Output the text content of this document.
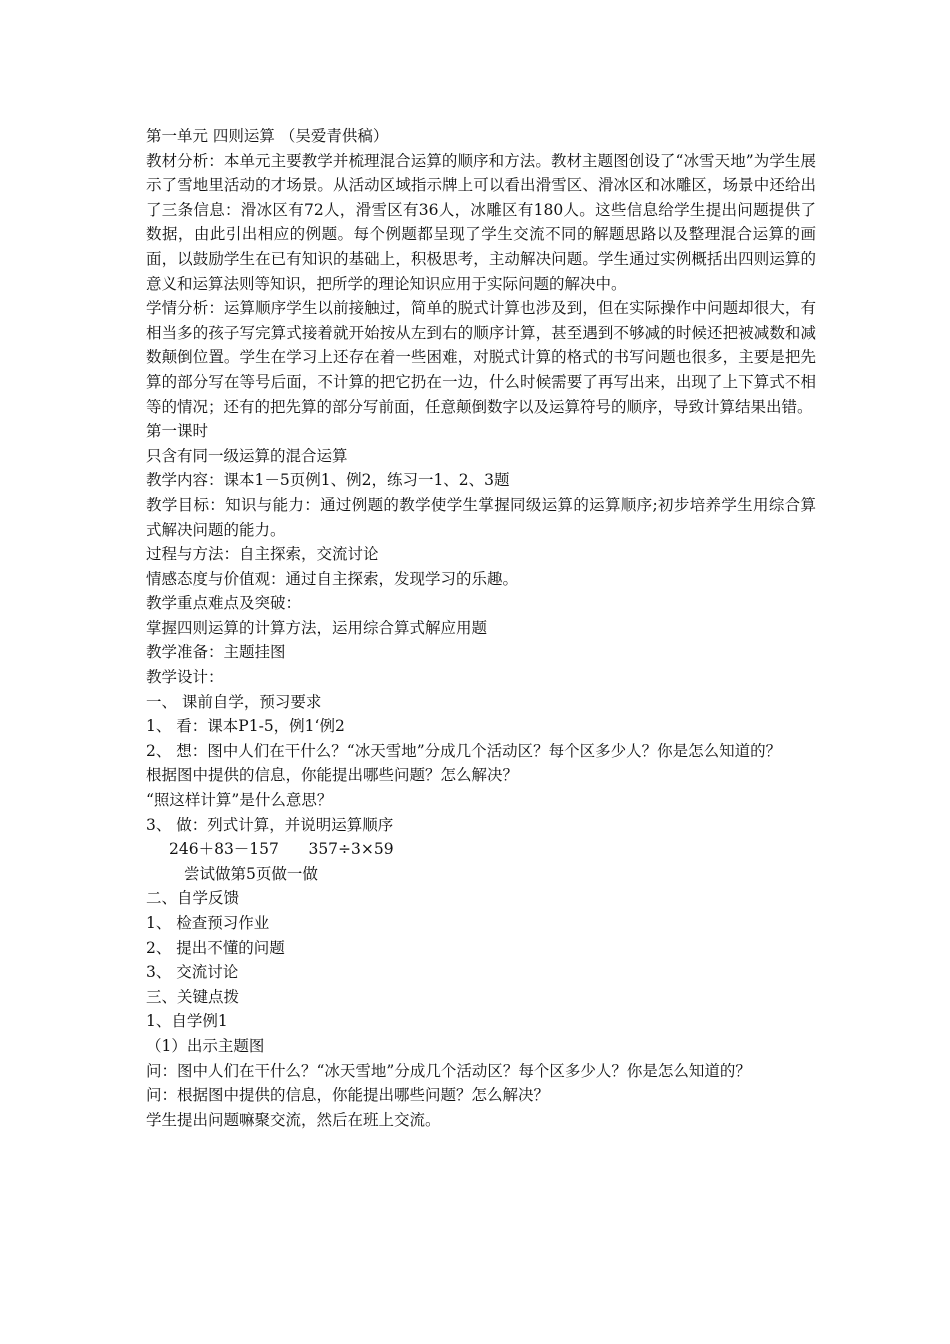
第一单元 四则运算 （吴爱青供稿）
教材分析：本单元主要教学并梳理混合运算的顺序和方法。教材主题图创设了“冰雪天地”为学生展示了雪地里活动的才场景。从活动区域指示牌上可以看出滑雪区、滑冰区和冰雕区，场景中还给出了三条信息：滑冰区有72人，滑雪区有36人，冰雕区有180人。这些信息给学生提出问题提供了数据，由此引出相应的例题。每个例题都呈现了学生交流不同的解题思路以及整理混合运算的画面，以鼓励学生在已有知识的基础上，积极思考，主动解决问题。学生通过实例概括出四则运算的意义和运算法则等知识，把所学的理论知识应用于实际问题的解决中。
学情分析：运算顺序学生以前接触过，简单的脱式计算也涉及到，但在实际操作中问题却很大，有相当多的孩子写完算式接着就开始按从左到右的顺序计算，甚至遇到不够减的时候还把被减数和减数颠倒位置。学生在学习上还存在着一些困难，对脱式计算的格式的书写问题也很多，主要是把先算的部分写在等号后面，不计算的把它扔在一边，什么时候需要了再写出来，出现了上下算式不相等的情况；还有的把先算的部分写前面，任意颠倒数字以及运算符号的顺序，导致计算结果出错。
第一课时
只含有同一级运算的混合运算
教学内容：课本1－5页例1、例2，练习一1、2、3题
教学目标：知识与能力：通过例题的教学使学生掌握同级运算的运算顺序;初步培养学生用综合算式解决问题的能力。
过程与方法：自主探索，交流讨论
情感态度与价值观：通过自主探索，发现学习的乐趣。
教学重点难点及突破：
掌握四则运算的计算方法，运用综合算式解应用题
教学准备：主题挂图
教学设计：
一、 课前自学，预习要求
1、 看：课本P1-5，例1‘例2
2、 想：图中人们在干什么？“冰天雪地”分成几个活动区？每个区多少人？你是怎么知道的？
根据图中提供的信息，你能提出哪些问题？怎么解决？
“照这样计算”是什么意思？
3、 做：列式计算，并说明运算顺序
246＋83－157      357÷3×59
尝试做第5页做一做
二、自学反馈
1、 检查预习作业
2、 提出不懂的问题
3、 交流讨论
三、关键点拨
1、自学例1
（1）出示主题图
问：图中人们在干什么？“冰天雪地”分成几个活动区？每个区多少人？你是怎么知道的？
问：根据图中提供的信息，你能提出哪些问题？怎么解决？
学生提出问题嘛聚交流，然后在班上交流。
